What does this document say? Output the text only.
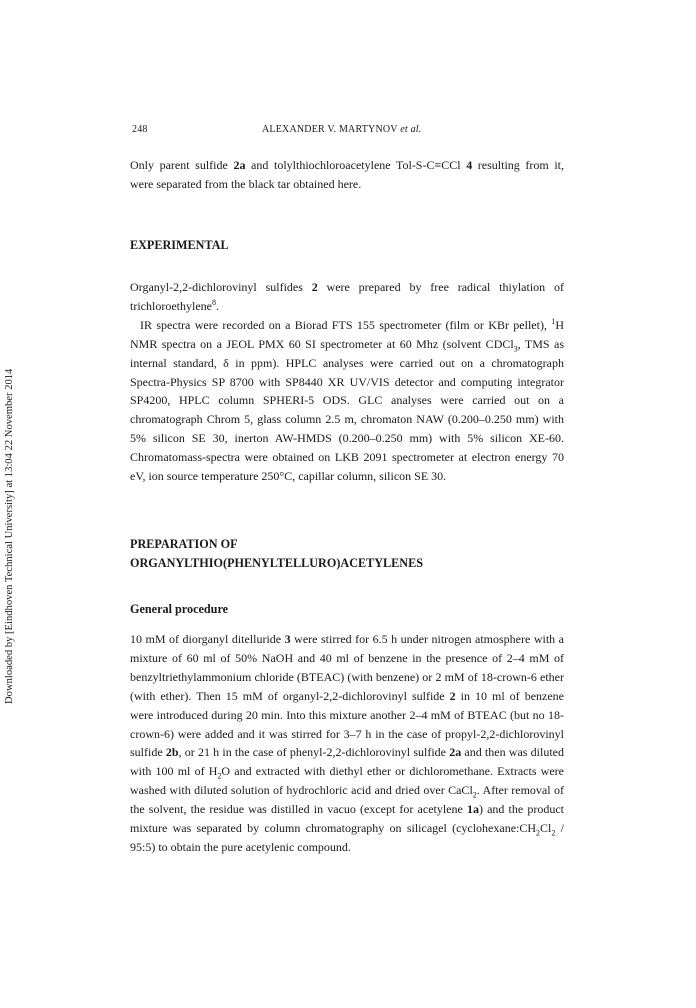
248	ALEXANDER V. MARTYNOV et al.
Downloaded by [Eindhoven Technical University] at 13:04 22 November 2014

Only parent sulfide 2a and tolylthiochloroacetylene Tol-S-C≡CCl 4 resulting from it, were separated from the black tar obtained here.

EXPERIMENTAL

Organyl-2,2-dichlorovinyl sulfides 2 were prepared by free radical thiylation of trichloroethylene$^8$.

IR spectra were recorded on a Biorad FTS 155 spectrometer (film or KBr pellet), $^1$H NMR spectra on a JEOL PMX 60 SI spectrometer at 60 Mhz (solvent CDCl$_3$, TMS as internal standard, δ in ppm). HPLC analyses were carried out on a chromatograph Spectra-Physics SP 8700 with SP8440 XR UV/VIS detector and computing integrator SP4200, HPLC column SPHERI-5 ODS. GLC analyses were carried out on a chromatograph Chrom 5, glass column 2.5 m, chromaton NAW (0.200–0.250 mm) with 5% silicon SE 30, inerton AW-HMDS (0.200–0.250 mm) with 5% silicon XE-60. Chromatomass-spectra were obtained on LKB 2091 spectrometer at electron energy 70 eV, ion source temperature 250°C, capillar column, silicon SE 30.

PREPARATION OF
ORGANYLTHIO(PHENYLTELLURO)ACETYLENES
General procedure

10 mM of diorganyl ditelluride 3 were stirred for 6.5 h under nitrogen atmosphere with a mixture of 60 ml of 50% NaOH and 40 ml of benzene in the presence of 2–4 mM of benzyltriethylammonium chloride (BTEAC) (with benzene) or 2 mM of 18-crown-6 ether (with ether). Then 15 mM of organyl-2,2-dichlorovinyl sulfide 2 in 10 ml of benzene were introduced during 20 min. Into this mixture another 2–4 mM of BTEAC (but no 18-crown-6) were added and it was stirred for 3–7 h in the case of propyl-2,2-dichlorovinyl sulfide 2b, or 21 h in the case of phenyl-2,2-dichlorovinyl sulfide 2a and then was diluted with 100 ml of $H_2O$ and extracted with diethyl ether or dichloromethane. Extracts were washed with diluted solution of hydrochloric acid and dried over CaCl$_2$. After removal of the solvent, the residue was distilled in vacuo (except for acetylene 1a) and the product mixture was separated by column chromatography on silicagel ($cyclohexane:CH_2Cl_2$ / 95:5) to obtain the pure acetylenic compound.
